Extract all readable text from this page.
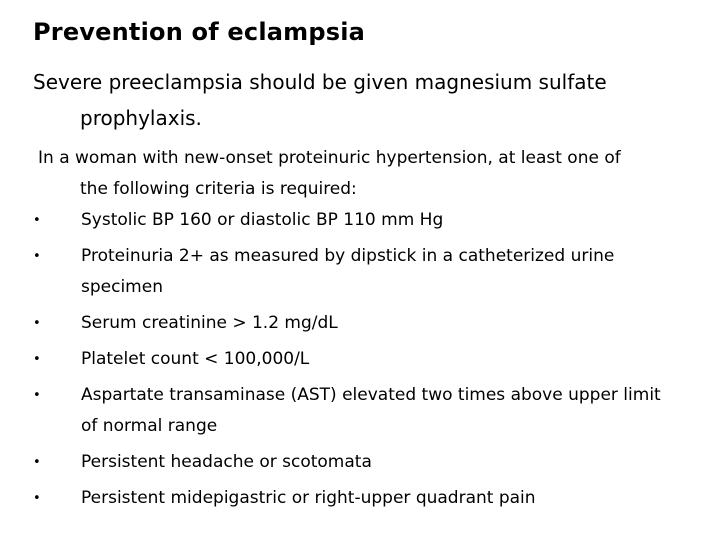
Prevention of eclampsia
Severe preeclampsia should be given magnesium sulfate
prophylaxis.
In a woman with new-onset proteinuric hypertension, at least one of
the following criteria is required:
• Systolic BP 160 or diastolic BP 110 mm Hg
• Proteinuria 2+ as measured by dipstick in a catheterized urine
specimen
• Serum creatinine > 1.2 mg/dL
• Platelet count < 100,000/L
• Aspartate transaminase (AST) elevated two times above upper limit
of normal range
• Persistent headache or scotomata
• Persistent midepigastric or right-upper quadrant pain
